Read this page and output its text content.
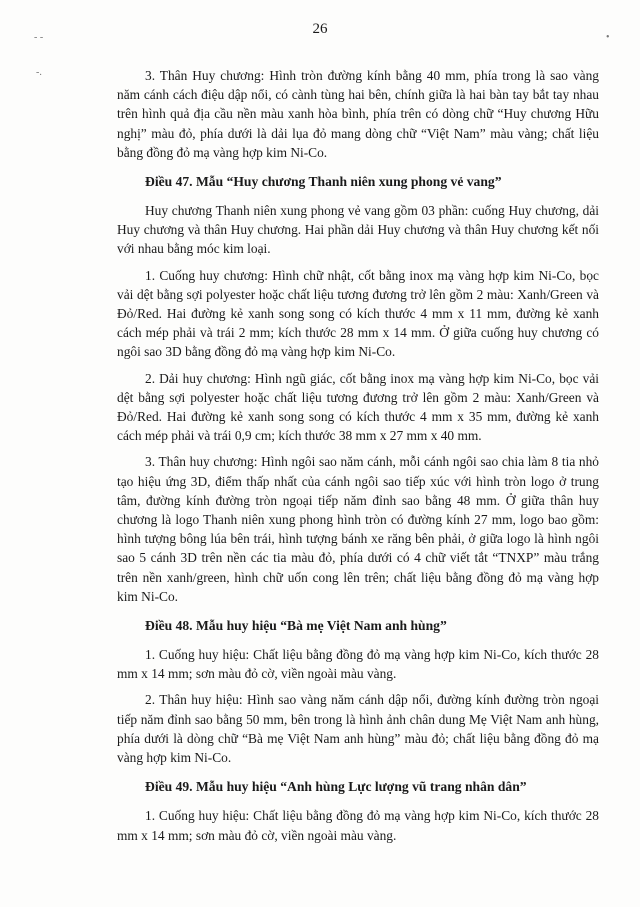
26
- -	•
-.	3. Thân Huy chương: Hình tròn đường kính bằng 40 mm, phía trong là sao vàng năm cánh cách điệu dập nổi, có cành tùng hai bên, chính giữa là hai bàn tay bắt tay nhau trên hình quả địa cầu nền màu xanh hòa bình, phía trên có dòng chữ “Huy chương Hữu nghị” màu đỏ, phía dưới là dải lụa đỏ mang dòng chữ “Việt Nam” màu vàng; chất liệu bằng đồng đỏ mạ vàng hợp kim Ni-Co.

Điều 47. Mẫu “Huy chương Thanh niên xung phong vẻ vang”

Huy chương Thanh niên xung phong vẻ vang gồm 03 phần: cuống Huy chương, dải Huy chương và thân Huy chương. Hai phần dải Huy chương và thân Huy chương kết nối với nhau bằng móc kim loại.

1. Cuống huy chương: Hình chữ nhật, cốt bằng inox mạ vàng hợp kim Ni-Co, bọc vải dệt bằng sợi polyester hoặc chất liệu tương đương trở lên gồm 2 màu: Xanh/Green và Đỏ/Red. Hai đường kẻ xanh song song có kích thước 4 mm x 11 mm, đường kẻ xanh cách mép phải và trái 2 mm; kích thước 28 mm x 14 mm. Ở giữa cuống huy chương có ngôi sao 3D bằng đồng đỏ mạ vàng hợp kim Ni-Co.

2. Dải huy chương: Hình ngũ giác, cốt bằng inox mạ vàng hợp kim Ni-Co, bọc vải dệt bằng sợi polyester hoặc chất liệu tương đương trở lên gồm 2 màu: Xanh/Green và Đỏ/Red. Hai đường kẻ xanh song song có kích thước 4 mm x 35 mm, đường kẻ xanh cách mép phải và trái 0,9 cm; kích thước 38 mm x 27 mm x 40 mm.

3. Thân huy chương: Hình ngôi sao năm cánh, mỗi cánh ngôi sao chia làm 8 tia nhỏ tạo hiệu ứng 3D, điểm thấp nhất của cánh ngôi sao tiếp xúc với hình tròn logo ở trung tâm, đường kính đường tròn ngoại tiếp năm đỉnh sao bằng 48 mm. Ở giữa thân huy chương là logo Thanh niên xung phong hình tròn có đường kính 27 mm, logo bao gồm: hình tượng bông lúa bên trái, hình tượng bánh xe răng bên phải, ở giữa logo là hình ngôi sao 5 cánh 3D trên nền các tia màu đỏ, phía dưới có 4 chữ viết tắt “TNXP” màu trắng trên nền xanh/green, hình chữ uốn cong lên trên; chất liệu bằng đồng đỏ mạ vàng hợp kim Ni-Co.

Điều 48. Mẫu huy hiệu “Bà mẹ Việt Nam anh hùng”

1. Cuống huy hiệu: Chất liệu bằng đồng đỏ mạ vàng hợp kim Ni-Co, kích thước 28 mm x 14 mm; sơn màu đỏ cờ, viền ngoài màu vàng.

2. Thân huy hiệu: Hình sao vàng năm cánh dập nổi, đường kính đường tròn ngoại tiếp năm đỉnh sao bằng 50 mm, bên trong là hình ảnh chân dung Mẹ Việt Nam anh hùng, phía dưới là dòng chữ “Bà mẹ Việt Nam anh hùng” màu đỏ; chất liệu bằng đồng đỏ mạ vàng hợp kim Ni-Co.

Điều 49. Mẫu huy hiệu “Anh hùng Lực lượng vũ trang nhân dân”

1. Cuống huy hiệu: Chất liệu bằng đồng đỏ mạ vàng hợp kim Ni-Co, kích thước 28 mm x 14 mm; sơn màu đỏ cờ, viền ngoài màu vàng.
